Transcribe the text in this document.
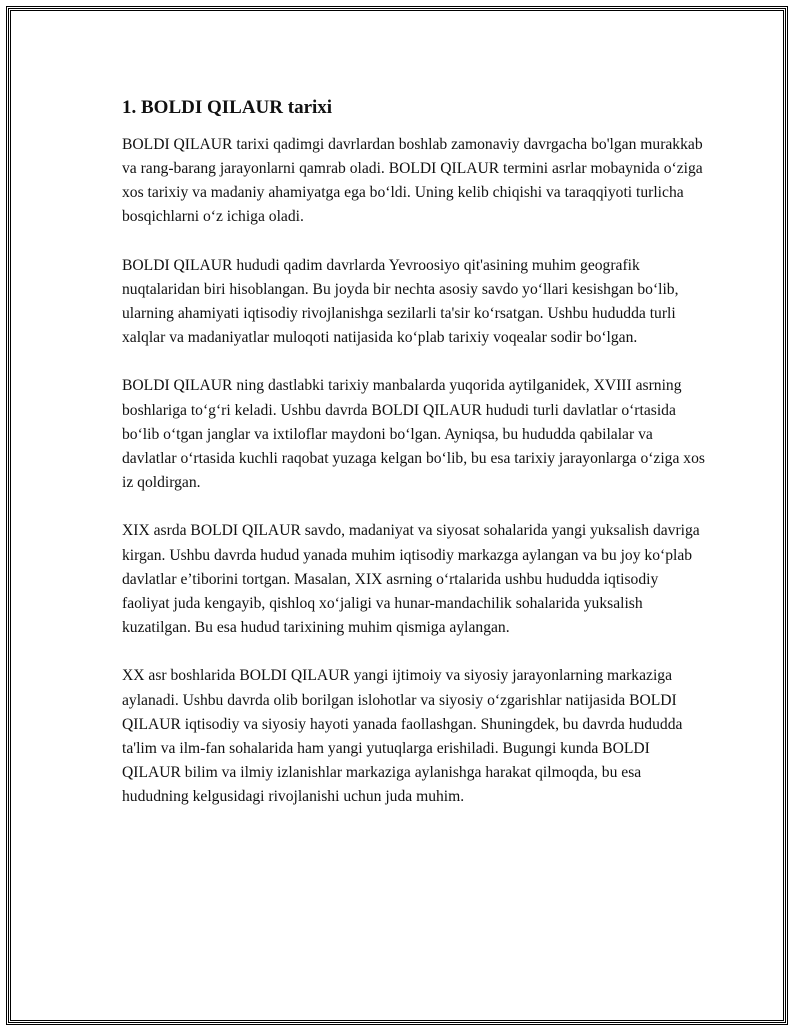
1. BOLDI QILAUR tarixi

BOLDI QILAUR tarixi qadimgi davrlardan boshlab zamonaviy davrgacha bo'lgan murakkab va rang-barang jarayonlarni qamrab oladi. BOLDI QILAUR termini asrlar mobaynida o‘ziga xos tarixiy va madaniy ahamiyatga ega bo‘ldi. Uning kelib chiqishi va taraqqiyoti turlicha bosqichlarni o‘z ichiga oladi.

BOLDI QILAUR hududi qadim davrlarda Yevroosiyo qit'asining muhim geografik nuqtalaridan biri hisoblangan. Bu joyda bir nechta asosiy savdo yo‘llari kesishgan bo‘lib, ularning ahamiyati iqtisodiy rivojlanishga sezilarli ta'sir ko‘rsatgan. Ushbu hududda turli xalqlar va madaniyatlar muloqoti natijasida ko‘plab tarixiy voqealar sodir bo‘lgan.

BOLDI QILAUR ning dastlabki tarixiy manbalarda yuqorida aytilganidek, XVIII asrning boshlariga to‘g‘ri keladi. Ushbu davrda BOLDI QILAUR hududi turli davlatlar o‘rtasida bo‘lib o‘tgan janglar va ixtiloflar maydoni bo‘lgan. Ayniqsa, bu hududda qabilalar va davlatlar o‘rtasida kuchli raqobat yuzaga kelgan bo‘lib, bu esa tarixiy jarayonlarga o‘ziga xos iz qoldirgan.

XIX asrda BOLDI QILAUR savdo, madaniyat va siyosat sohalarida yangi yuksalish davriga kirgan. Ushbu davrda hudud yanada muhim iqtisodiy markazga aylangan va bu joy ko‘plab davlatlar e’tiborini tortgan. Masalan, XIX asrning o‘rtalarida ushbu hududda iqtisodiy faoliyat juda kengayib, qishloq xo‘jaligi va hunar-mandachilik sohalarida yuksalish kuzatilgan. Bu esa hudud tarixining muhim qismiga aylangan.

XX asr boshlarida BOLDI QILAUR yangi ijtimoiy va siyosiy jarayonlarning markaziga aylanadi. Ushbu davrda olib borilgan islohotlar va siyosiy o‘zgarishlar natijasida BOLDI QILAUR iqtisodiy va siyosiy hayoti yanada faollashgan. Shuningdek, bu davrda hududda ta'lim va ilm-fan sohalarida ham yangi yutuqlarga erishiladi. Bugungi kunda BOLDI QILAUR bilim va ilmiy izlanishlar markaziga aylanishga harakat qilmoqda, bu esa hududning kelgusidagi rivojlanishi uchun juda muhim.
